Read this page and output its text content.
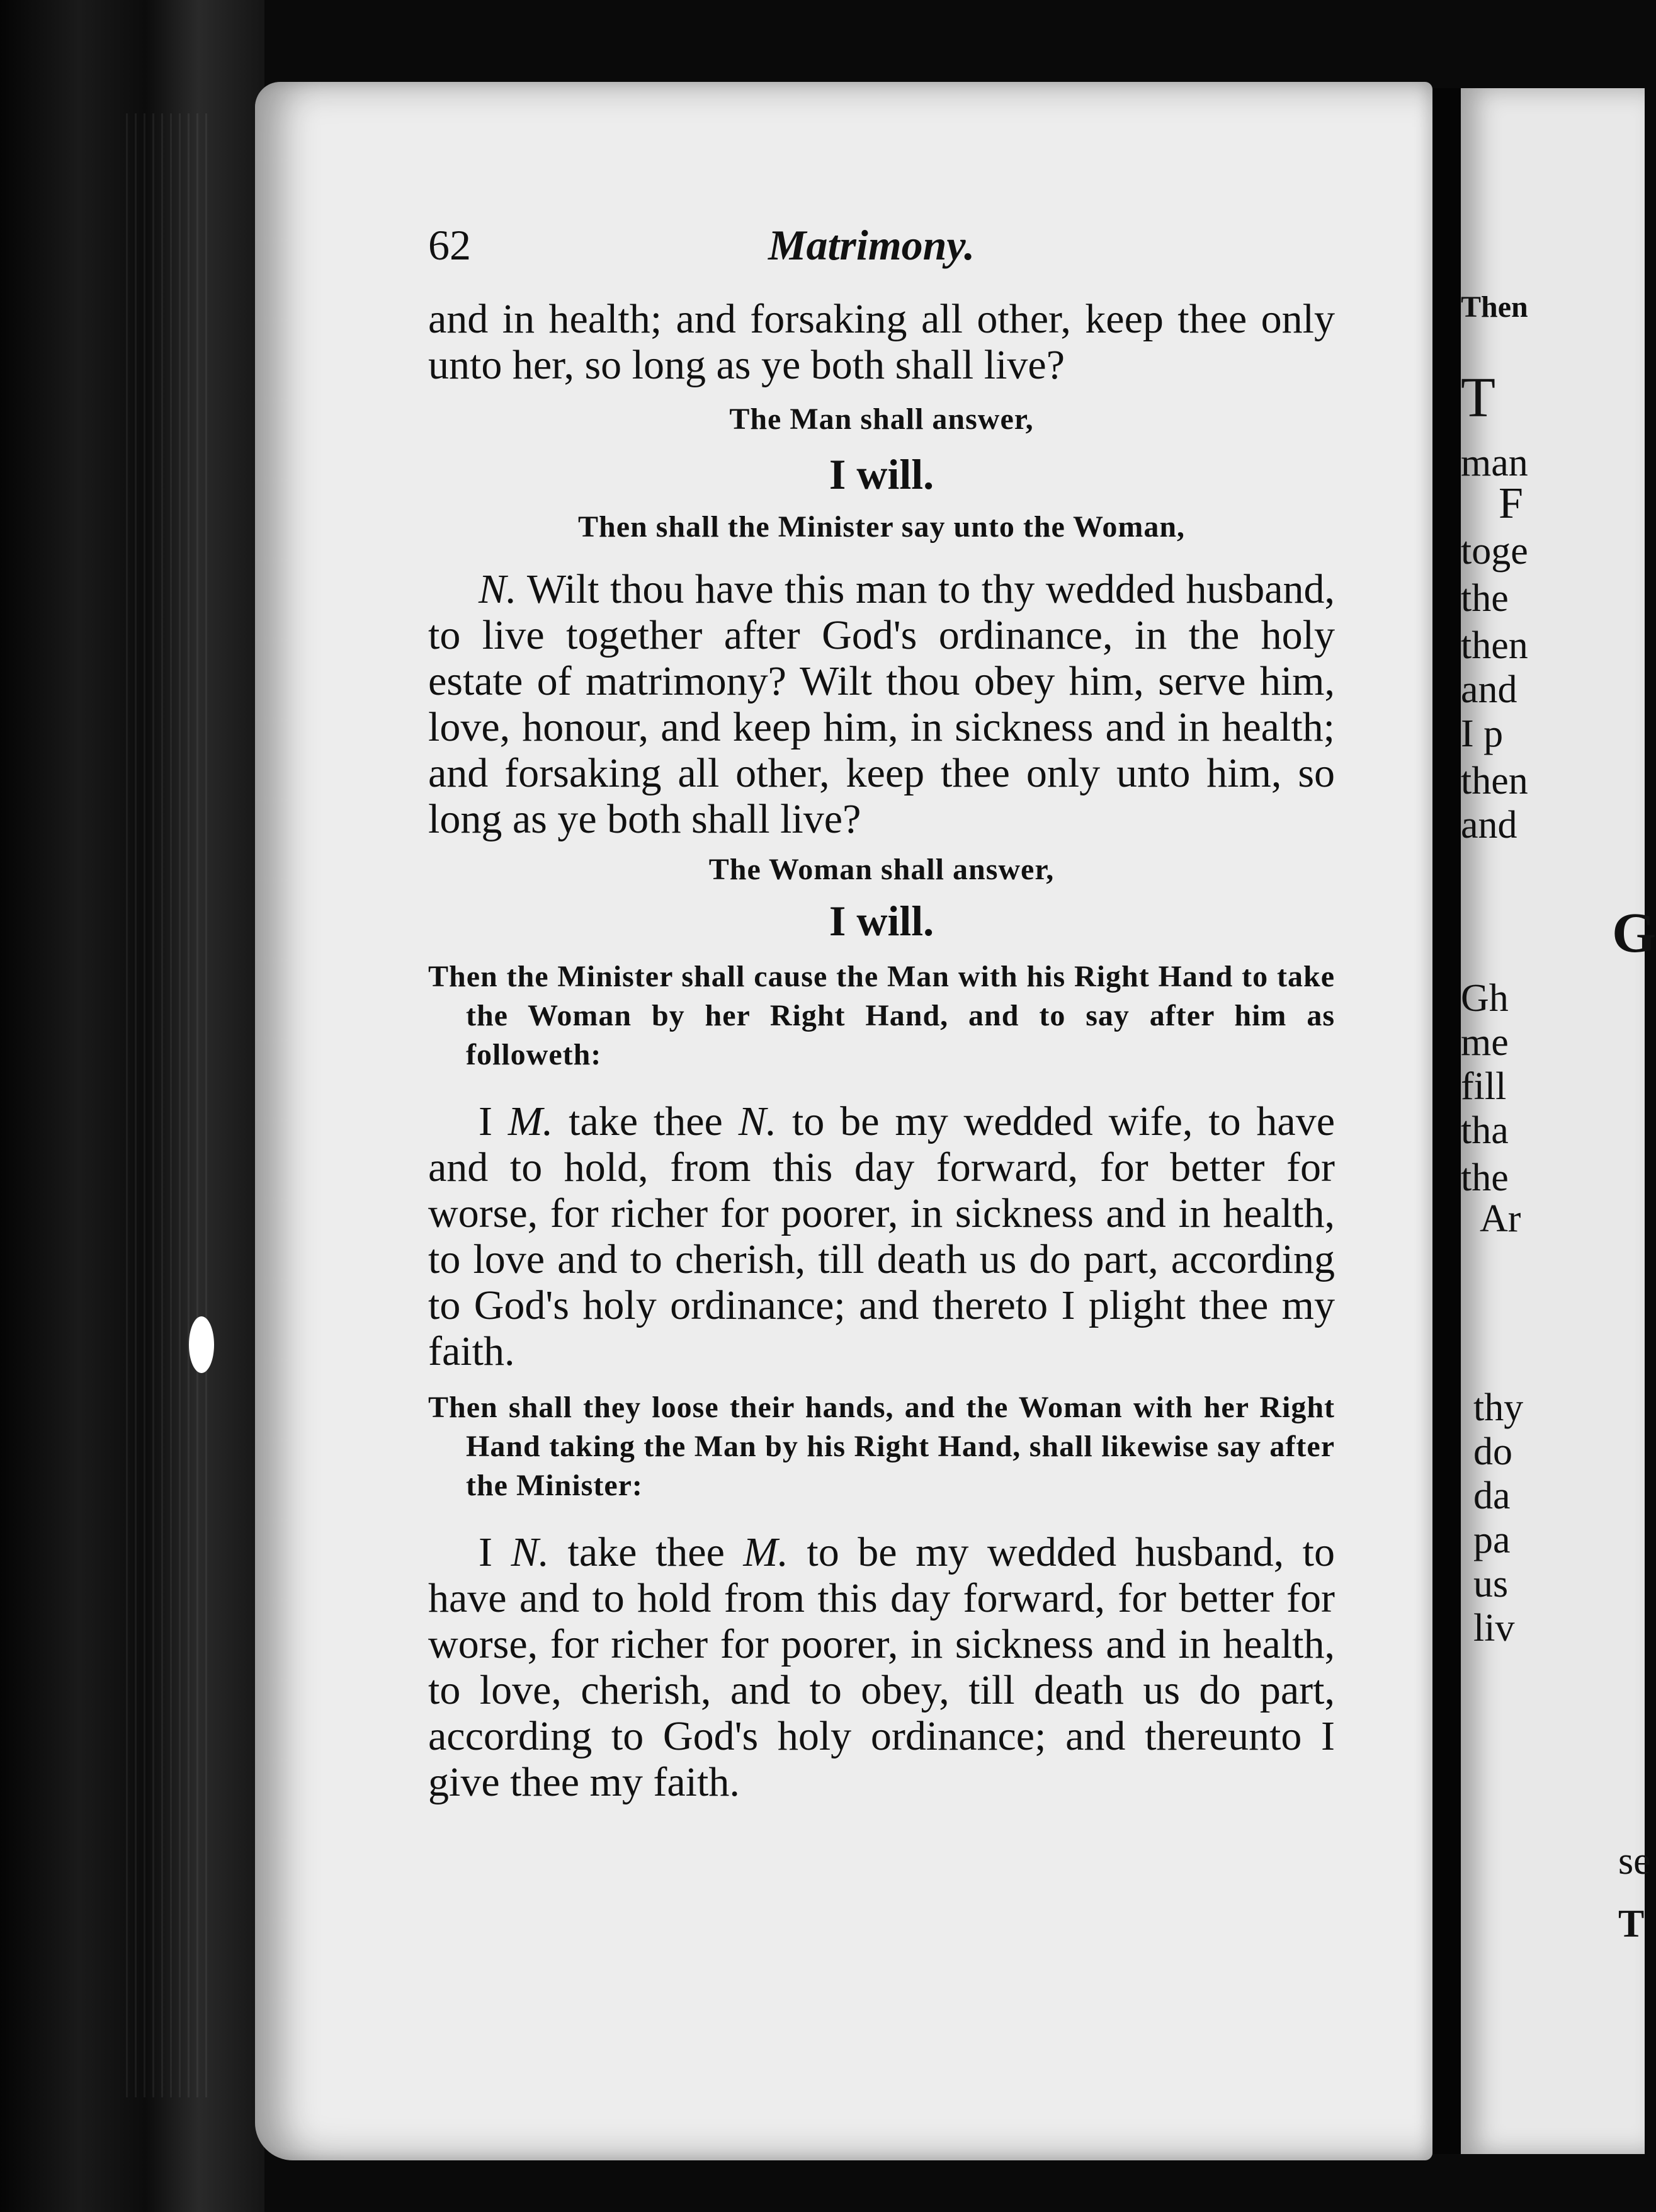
Then
T
man
F
toge
the
then
and
I p
then
and
G
Gh
me
fill
tha
the
Ar
thy
do
da
pa
us
liv
se
T
62	Matrimony.

and in health; and forsaking all other, keep thee only unto her, so long as ye both shall live?

The Man shall answer,

I will.

Then shall the Minister say unto the Woman,

N. Wilt thou have this man to thy wedded husband, to live together after God's ordinance, in the holy estate of matrimony? Wilt thou obey him, serve him, love, honour, and keep him, in sickness and in health; and forsaking all other, keep thee only unto him, so long as ye both shall live?

The Woman shall answer,

I will.

Then the Minister shall cause the Man with his Right Hand to take the Woman by her Right Hand, and to say after him as followeth:

I M. take thee N. to be my wedded wife, to have and to hold, from this day forward, for better for worse, for richer for poorer, in sickness and in health, to love and to cherish, till death us do part, according to God's holy ordinance; and thereto I plight thee my faith.

Then shall they loose their hands, and the Woman with her Right Hand taking the Man by his Right Hand, shall likewise say after the Minister:

I N. take thee M. to be my wedded husband, to have and to hold from this day forward, for better for worse, for richer for poorer, in sickness and in health, to love, cherish, and to obey, till death us do part, according to God's holy ordinance; and thereunto I give thee my faith.
